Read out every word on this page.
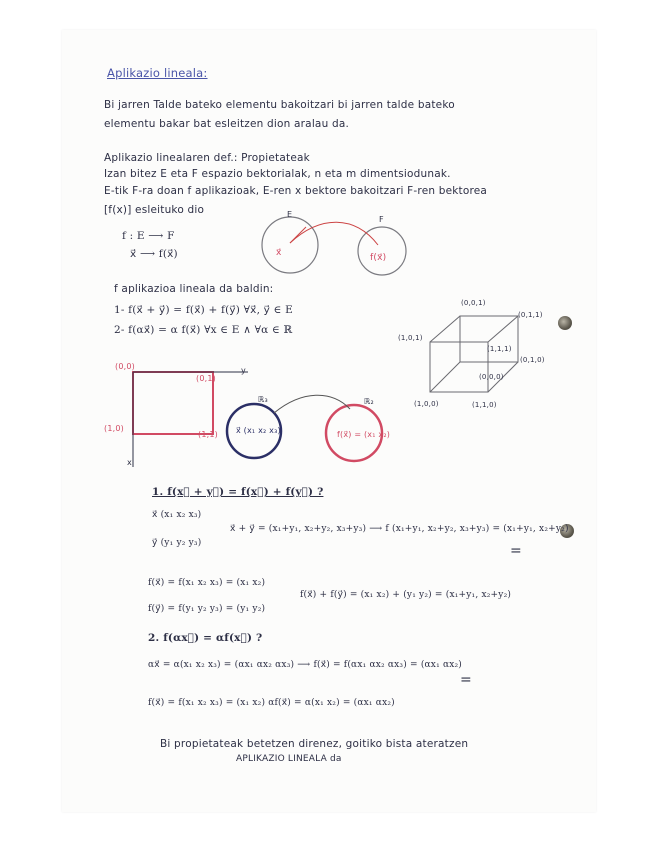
Aplikazio lineala:
Bi jarren Talde bateko elementu bakoitzari bi jarren talde bateko
elementu bakar bat esleitzen dion aralau da.
Aplikazio linealaren def.: Propietateak
Izan bitez E eta F espazio bektorialak, n eta m dimentsiodunak.
E-tik F-ra doan f aplikazioak, E-ren x bektore bakoitzari F-ren bektorea
[f(x)] esleituko dio
f : E ⟶ F
x⃗ ⟶ f(x⃗)
E
F
x⃗	f(x⃗)
f aplikazioa lineala da baldin:
1- f(x⃗ + y⃗) = f(x⃗) + f(y⃗) ∀x⃗, y⃗ ∈ E
2- f(αx⃗) = α f(x⃗) ∀x ∈ E ∧ ∀α ∈ ℝ
(0,0)
(0,1)
(1,0)
(1,1)
y
x
ℝ₃	ℝ₂
x⃗ (x₁ x₂ x₃)	f(x⃗) = (x₁ x₂)
(0,0,1)
(0,1,1)
(1,0,1)
(1,1,1)
(0,1,0)
(0,0,0)
(1,0,0)	(1,1,0)
1. f(x⃗ + y⃗) = f(x⃗) + f(y⃗) ?
x⃗ (x₁ x₂ x₃)
y⃗ (y₁ y₂ y₃)
x⃗ + y⃗ = (x₁+y₁, x₂+y₂, x₃+y₃) ⟶ f (x₁+y₁, x₂+y₂, x₃+y₃) = (x₁+y₁, x₂+y₂)
=
f(x⃗) = f(x₁ x₂ x₃) = (x₁ x₂)
f(y⃗) = f(y₁ y₂ y₃) = (y₁ y₂)
f(x⃗) + f(y⃗) = (x₁ x₂) + (y₁ y₂) = (x₁+y₁, x₂+y₂)
2. f(αx⃗) = αf(x⃗) ?
αx⃗ = α(x₁ x₂ x₃) = (αx₁ αx₂ αx₃) ⟶ f(x⃗) = f(αx₁ αx₂ αx₃) = (αx₁ αx₂)
=
f(x⃗) = f(x₁ x₂ x₃) = (x₁ x₂) αf(x⃗) = α(x₁ x₂) = (αx₁ αx₂)
Bi propietateak betetzen direnez, goitiko bista ateratzen
APLIKAZIO LINEALA da
